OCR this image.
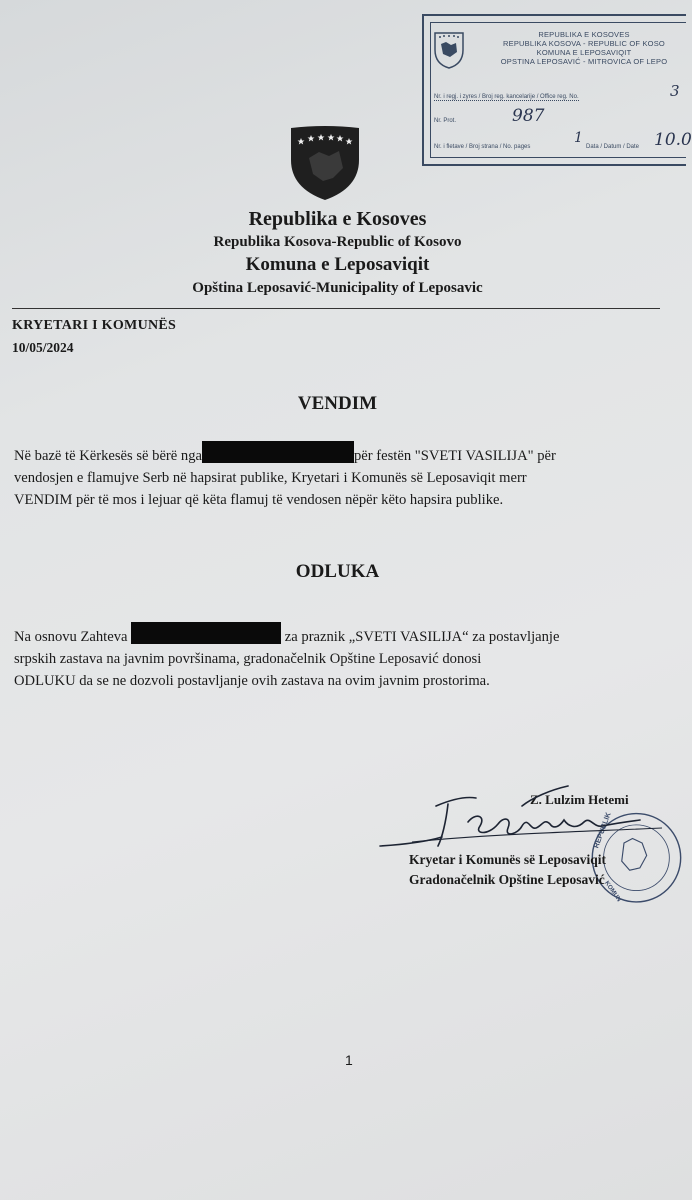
REPUBLIKA E KOSOVES
REPUBLIKA KOSOVA - REPUBLIC OF KOSO
KOMUNA E LEPOSAVIQIT
OPSTINA LEPOSAVIĆ - MITROVICA OF LEPO
Nr. i regj. i zyres / Broj reg. kancelarije / Office reg. No.	3
Nr. Prot.	987
Nr. i fletave / Broj strana / No. pages
1
Data / Datum / Date 10.0
Republika e Kosoves
Republika Kosova-Republic of Kosovo
Komuna e Leposaviqit
Opština Leposavić-Municipality of Leposavic
KRYETARI I KOMUNËS
10/05/2024
VENDIM
Në bazë të Kërkesës së bërë nga	për festën "SVETI VASILIJA" për
vendosjen e flamujve Serb në hapsirat publike, Kryetari i Komunës së Leposaviqit merr
VENDIM për të mos i lejuar që këta flamuj të vendosen nëpër këto hapsira publike.
ODLUKA
Na osnovu Zahteva	za praznik „SVETI VASILIJA“ za postavljanje
srpskih zastava na javnim površinama, gradonačelnik Opštine Leposavić donosi
ODLUKU da se ne dozvoli postavljanje ovih zastava na ovim javnim prostorima.
REPUBLIK
KOMUN
Z. Lulzim Hetemi
Kryetar i Komunës së Leposaviqit
Gradonačelnik Opštine Leposavić
1
